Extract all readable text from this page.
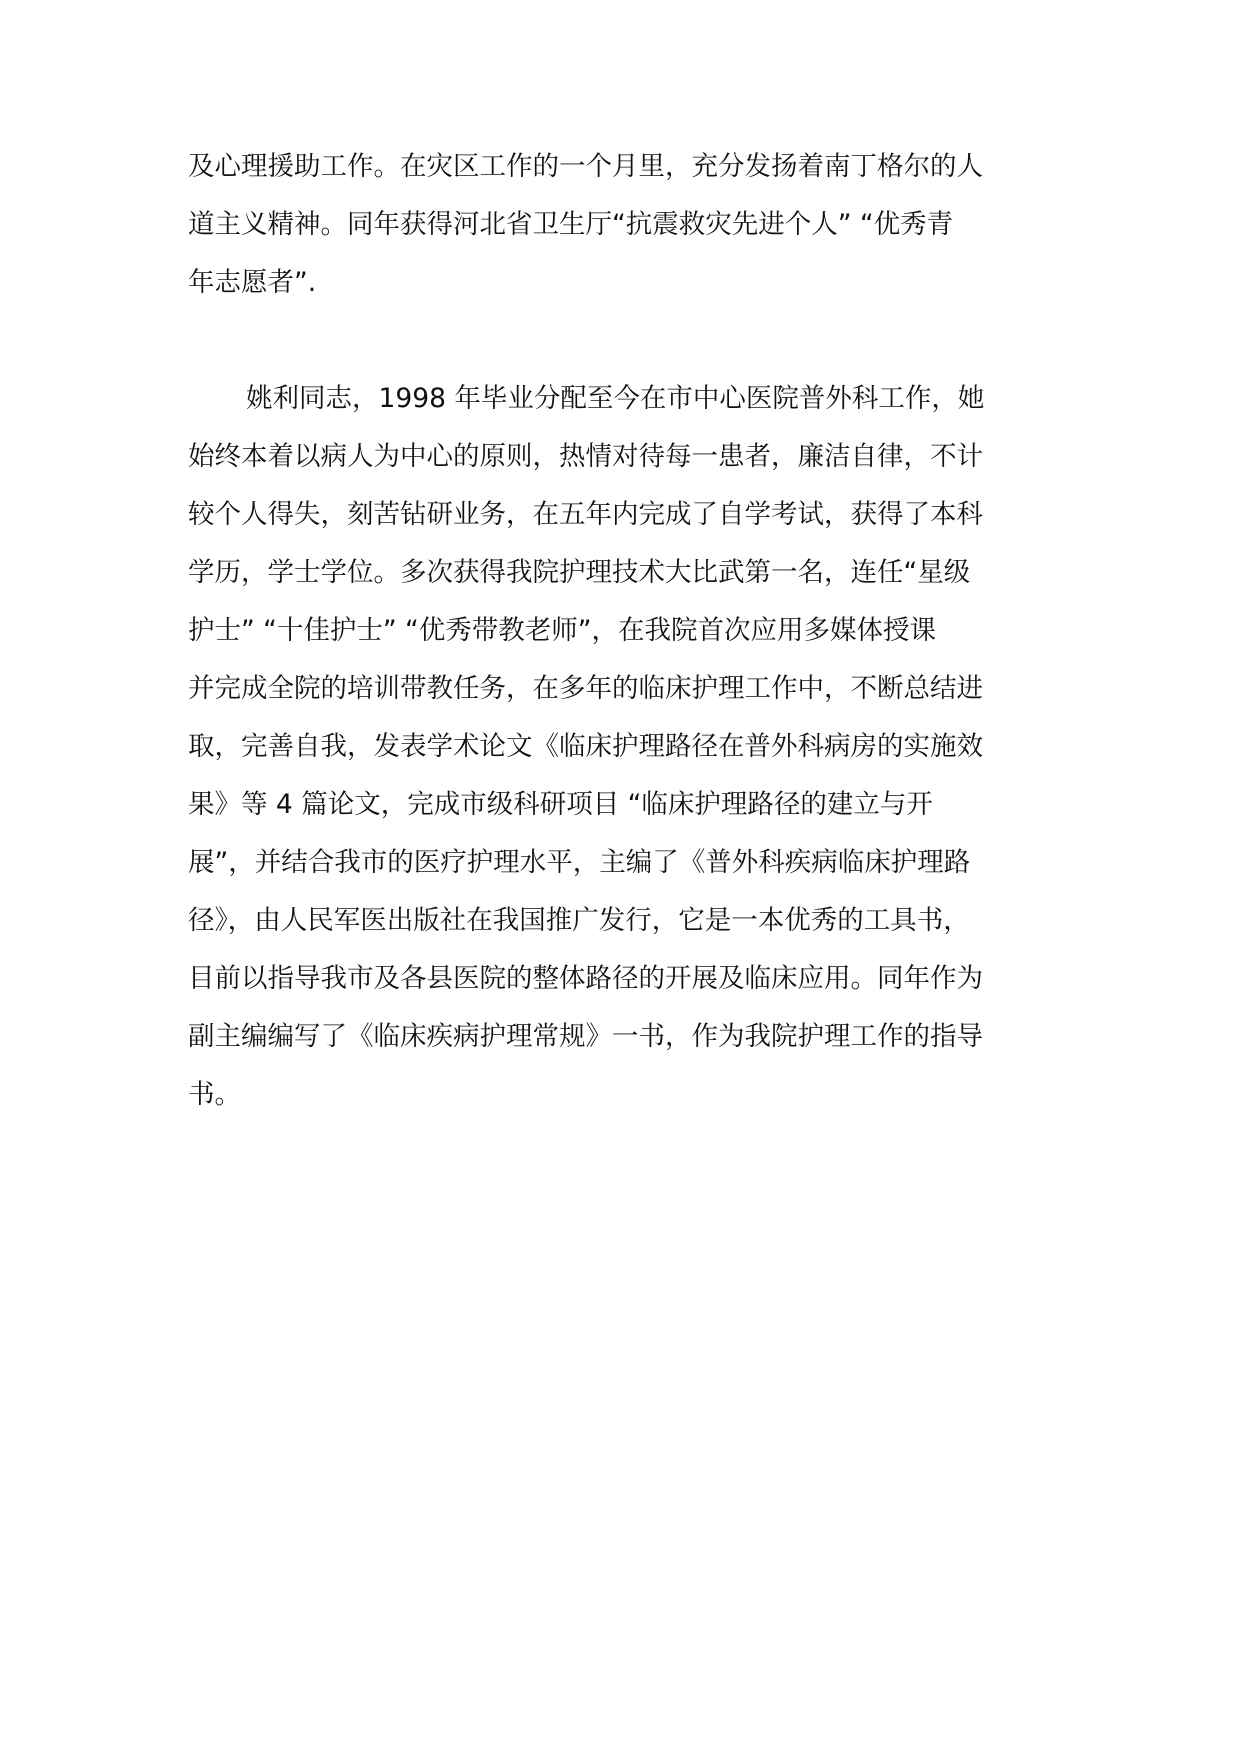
及心理援助工作。在灾区工作的一个月里，充分发扬着南丁格尔的人
道主义精神。同年获得河北省卫生厅“抗震救灾先进个人” “优秀青
年志愿者”.
姚利同志，1998 年毕业分配至今在市中心医院普外科工作，她
始终本着以病人为中心的原则，热情对待每一患者，廉洁自律，不计
较个人得失，刻苦钻研业务，在五年内完成了自学考试，获得了本科
学历，学士学位。多次获得我院护理技术大比武第一名，连任“星级
护士” “十佳护士” “优秀带教老师”，在我院首次应用多媒体授课
并完成全院的培训带教任务，在多年的临床护理工作中，不断总结进
取，完善自我，发表学术论文《临床护理路径在普外科病房的实施效
果》等 4 篇论文，完成市级科研项目 “临床护理路径的建立与开
展”，并结合我市的医疗护理水平，主编了《普外科疾病临床护理路
径》，由人民军医出版社在我国推广发行，它是一本优秀的工具书，
目前以指导我市及各县医院的整体路径的开展及临床应用。同年作为
副主编编写了《临床疾病护理常规》一书，作为我院护理工作的指导
书。
